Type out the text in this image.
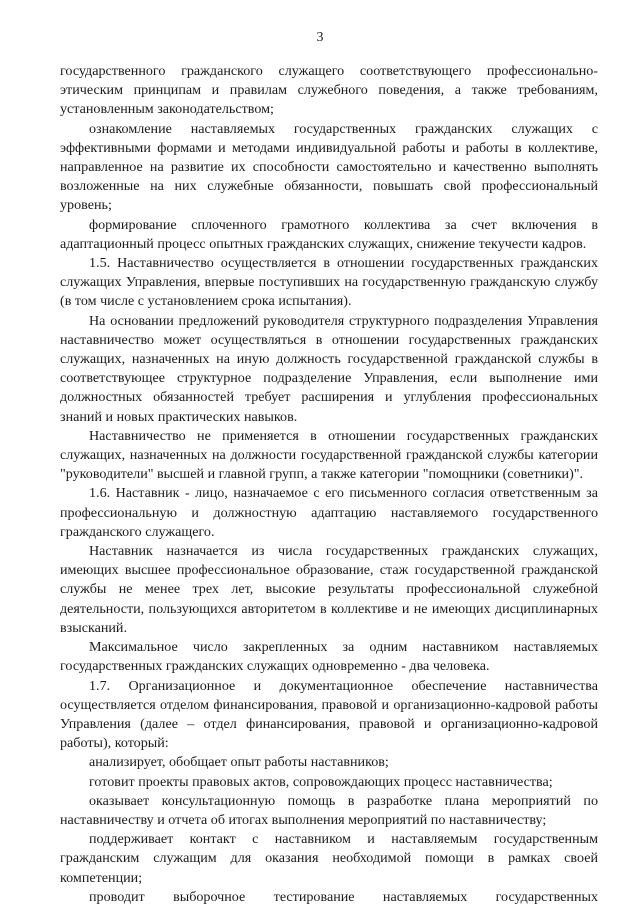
3

государственного гражданского служащего соответствующего профессионально-этическим принципам и правилам служебного поведения, а также требованиям, установленным законодательством;

ознакомление наставляемых государственных гражданских служащих с эффективными формами и методами индивидуальной работы и работы в коллективе, направленное на развитие их способности самостоятельно и качественно выполнять возложенные на них служебные обязанности, повышать свой профессиональный уровень;

формирование сплоченного грамотного коллектива за счет включения в адаптационный процесс опытных гражданских служащих, снижение текучести кадров.

1.5. Наставничество осуществляется в отношении государственных гражданских служащих Управления, впервые поступивших на государственную гражданскую службу (в том числе с установлением срока испытания).

На основании предложений руководителя структурного подразделения Управления наставничество может осуществляться в отношении государственных гражданских служащих, назначенных на иную должность государственной гражданской службы в соответствующее структурное подразделение Управления, если выполнение ими должностных обязанностей требует расширения и углубления профессиональных знаний и новых практических навыков.

Наставничество не применяется в отношении государственных гражданских служащих, назначенных на должности государственной гражданской службы категории "руководители" высшей и главной групп, а также категории "помощники (советники)".

1.6. Наставник - лицо, назначаемое с его письменного согласия ответственным за профессиональную и должностную адаптацию наставляемого государственного гражданского служащего.

Наставник назначается из числа государственных гражданских служащих, имеющих высшее профессиональное образование, стаж государственной гражданской службы не менее трех лет, высокие результаты профессиональной служебной деятельности, пользующихся авторитетом в коллективе и не имеющих дисциплинарных взысканий.

Максимальное число закрепленных за одним наставником наставляемых государственных гражданских служащих одновременно - два человека.

1.7. Организационное и документационное обеспечение наставничества осуществляется отделом финансирования, правовой и организационно-кадровой работы Управления (далее – отдел финансирования, правовой и организационно-кадровой работы), который:

анализирует, обобщает опыт работы наставников;

готовит проекты правовых актов, сопровождающих процесс наставничества;

оказывает консультационную помощь в разработке плана мероприятий по наставничеству и отчета об итогах выполнения мероприятий по наставничеству;

поддерживает контакт с наставником и наставляемым государственным гражданским служащим для оказания необходимой помощи в рамках своей компетенции;

проводит выборочное тестирование наставляемых государственных
